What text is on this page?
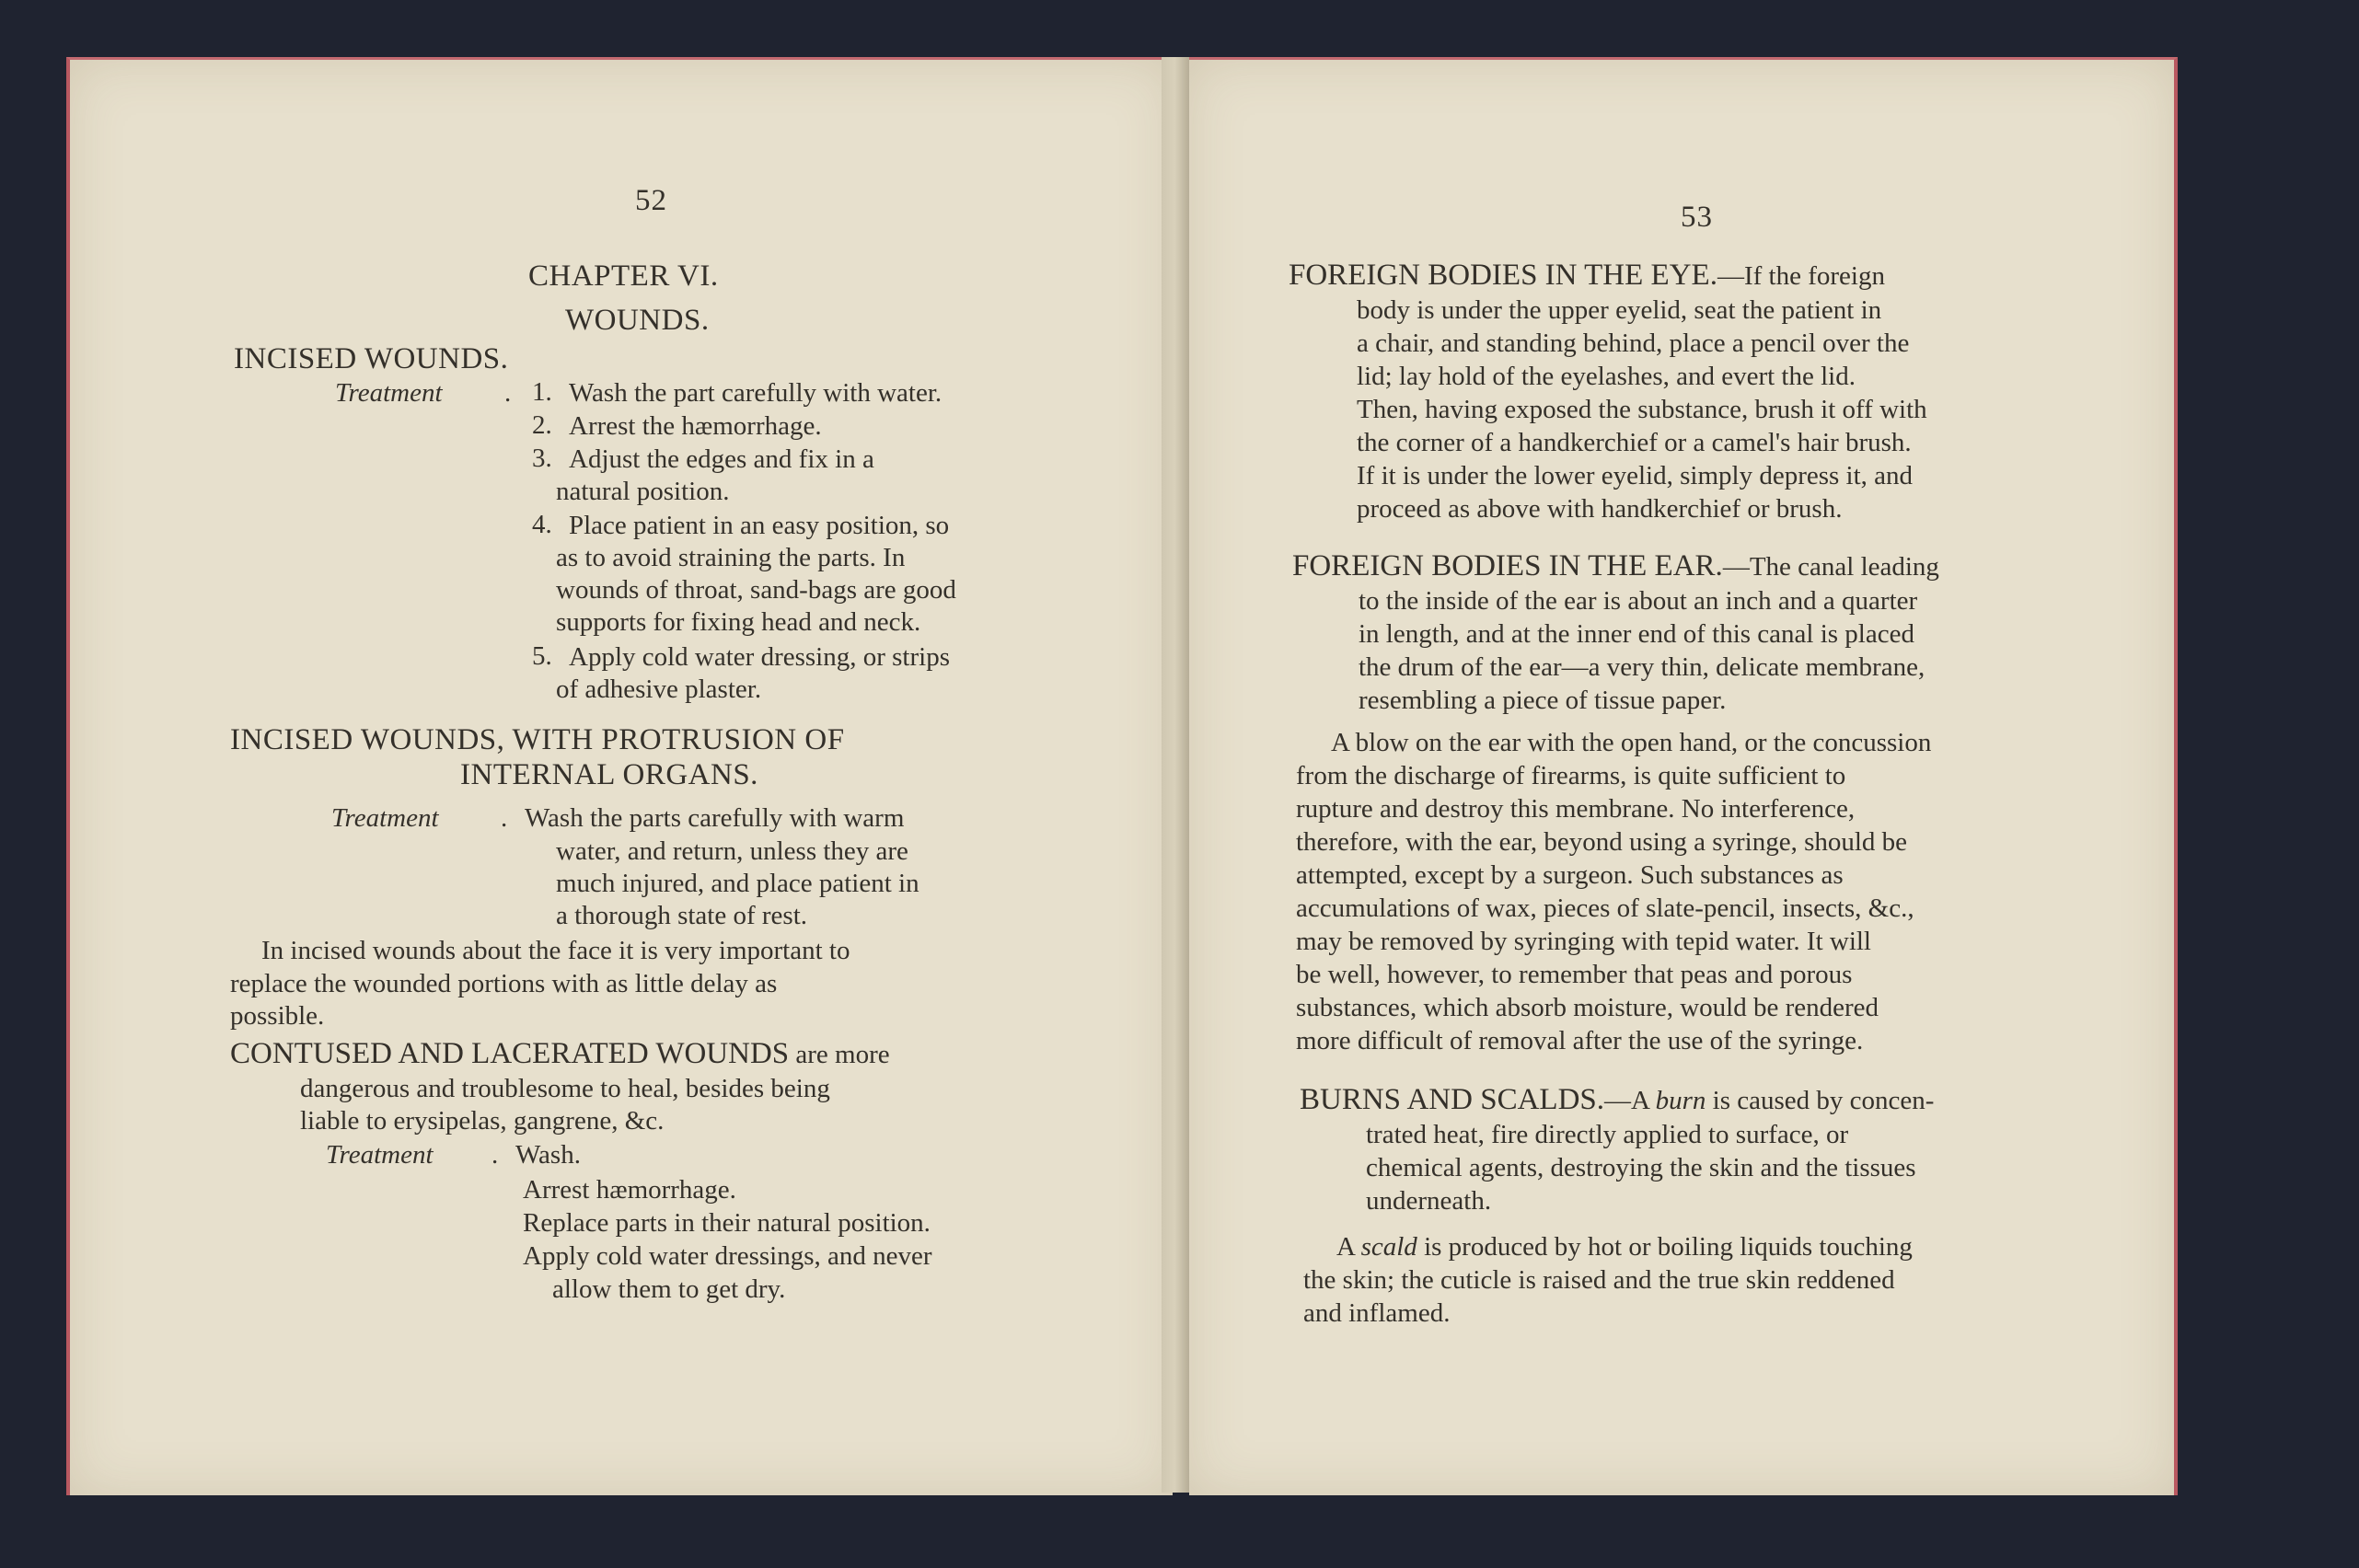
52
CHAPTER VI.
WOUNDS.
INCISED WOUNDS.
Treatment . 1. Wash the part carefully with water.
2. Arrest the hæmorrhage.
3. Adjust the edges and fix in a
natural position.
4. Place patient in an easy position, so
as to avoid straining the parts. In
wounds of throat, sand-bags are good
supports for fixing head and neck.
5. Apply cold water dressing, or strips
of adhesive plaster.
INCISED WOUNDS, WITH PROTRUSION OF
INTERNAL ORGANS.
Treatment . Wash the parts carefully with warm
water, and return, unless they are
much injured, and place patient in
a thorough state of rest.
In incised wounds about the face it is very important to
replace the wounded portions with as little delay as
possible.
CONTUSED AND LACERATED WOUNDS are more
dangerous and troublesome to heal, besides being
liable to erysipelas, gangrene, &c.
Treatment . Wash.
Arrest hæmorrhage.
Replace parts in their natural position.
Apply cold water dressings, and never
allow them to get dry.
53
FOREIGN BODIES IN THE EYE.—If the foreign
body is under the upper eyelid, seat the patient in
a chair, and standing behind, place a pencil over the
lid; lay hold of the eyelashes, and evert the lid.
Then, having exposed the substance, brush it off with
the corner of a handkerchief or a camel's hair brush.
If it is under the lower eyelid, simply depress it, and
proceed as above with handkerchief or brush.
FOREIGN BODIES IN THE EAR.—The canal leading
to the inside of the ear is about an inch and a quarter
in length, and at the inner end of this canal is placed
the drum of the ear—a very thin, delicate membrane,
resembling a piece of tissue paper.
A blow on the ear with the open hand, or the concussion
from the discharge of firearms, is quite sufficient to
rupture and destroy this membrane. No interference,
therefore, with the ear, beyond using a syringe, should be
attempted, except by a surgeon. Such substances as
accumulations of wax, pieces of slate-pencil, insects, &c.,
may be removed by syringing with tepid water. It will
be well, however, to remember that peas and porous
substances, which absorb moisture, would be rendered
more difficult of removal after the use of the syringe.
BURNS AND SCALDS.—A burn is caused by concen-
trated heat, fire directly applied to surface, or
chemical agents, destroying the skin and the tissues
underneath.
A scald is produced by hot or boiling liquids touching
the skin; the cuticle is raised and the true skin reddened
and inflamed.
